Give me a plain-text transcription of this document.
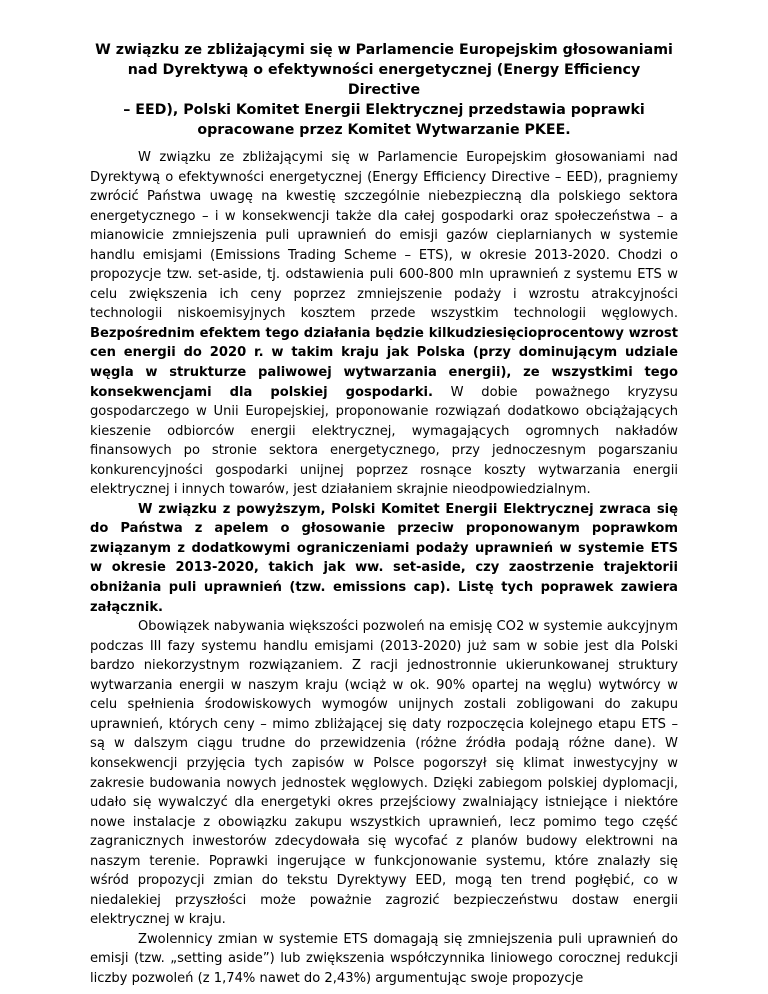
W związku ze zbliżającymi się w Parlamencie Europejskim głosowaniami
nad Dyrektywą o efektywności energetycznej (Energy Efficiency Directive
– EED), Polski Komitet Energii Elektrycznej przedstawia poprawki
opracowane przez Komitet Wytwarzanie PKEE.

W związku ze zbliżającymi się w Parlamencie Europejskim głosowaniami nad Dyrektywą o efektywności energetycznej (Energy Efficiency Directive – EED), pragniemy zwrócić Państwa uwagę na kwestię szczególnie niebezpieczną dla polskiego sektora energetycznego – i w konsekwencji także dla całej gospodarki oraz społeczeństwa – a mianowicie zmniejszenia puli uprawnień do emisji gazów cieplarnianych w systemie handlu emisjami (Emissions Trading Scheme – ETS), w okresie 2013-2020. Chodzi o propozycje tzw. set-aside, tj. odstawienia puli 600-800 mln uprawnień z systemu ETS w celu zwiększenia ich ceny poprzez zmniejszenie podaży i wzrostu atrakcyjności technologii niskoemisyjnych kosztem przede wszystkim technologii węglowych. Bezpośrednim efektem tego działania będzie kilkudziesięcioprocentowy wzrost cen energii do 2020 r. w takim kraju jak Polska (przy dominującym udziale węgla w strukturze paliwowej wytwarzania energii), ze wszystkimi tego konsekwencjami dla polskiej gospodarki. W dobie poważnego kryzysu gospodarczego w Unii Europejskiej, proponowanie rozwiązań dodatkowo obciążających kieszenie odbiorców energii elektrycznej, wymagających ogromnych nakładów finansowych po stronie sektora energetycznego, przy jednoczesnym pogarszaniu konkurencyjności gospodarki unijnej poprzez rosnące koszty wytwarzania energii elektrycznej i innych towarów, jest działaniem skrajnie nieodpowiedzialnym.

W związku z powyższym, Polski Komitet Energii Elektrycznej zwraca się do Państwa z apelem o głosowanie przeciw proponowanym poprawkom związanym z dodatkowymi ograniczeniami podaży uprawnień w systemie ETS w okresie 2013-2020, takich jak ww. set-aside, czy zaostrzenie trajektorii obniżania puli uprawnień (tzw. emissions cap). Listę tych poprawek zawiera załącznik.

Obowiązek nabywania większości pozwoleń na emisję CO2 w systemie aukcyjnym podczas III fazy systemu handlu emisjami (2013-2020) już sam w sobie jest dla Polski bardzo niekorzystnym rozwiązaniem. Z racji jednostronnie ukierunkowanej struktury wytwarzania energii w naszym kraju (wciąż w ok. 90% opartej na węglu) wytwórcy w celu spełnienia środowiskowych wymogów unijnych zostali zobligowani do zakupu uprawnień, których ceny – mimo zbliżającej się daty rozpoczęcia kolejnego etapu ETS – są w dalszym ciągu trudne do przewidzenia (różne źródła podają różne dane). W konsekwencji przyjęcia tych zapisów w Polsce pogorszył się klimat inwestycyjny w zakresie budowania nowych jednostek węglowych. Dzięki zabiegom polskiej dyplomacji, udało się wywalczyć dla energetyki okres przejściowy zwalniający istniejące i niektóre nowe instalacje z obowiązku zakupu wszystkich uprawnień, lecz pomimo tego część zagranicznych inwestorów zdecydowała się wycofać z planów budowy elektrowni na naszym terenie. Poprawki ingerujące w funkcjonowanie systemu, które znalazły się wśród propozycji zmian do tekstu Dyrektywy EED, mogą ten trend pogłębić, co w niedalekiej przyszłości może poważnie zagrozić bezpieczeństwu dostaw energii elektrycznej w kraju.

Zwolennicy zmian w systemie ETS domagają się zmniejszenia puli uprawnień do emisji (tzw. „setting aside”) lub zwiększenia współczynnika liniowego corocznej redukcji liczby pozwoleń (z 1,74% nawet do 2,43%) argumentując swoje propozycje
